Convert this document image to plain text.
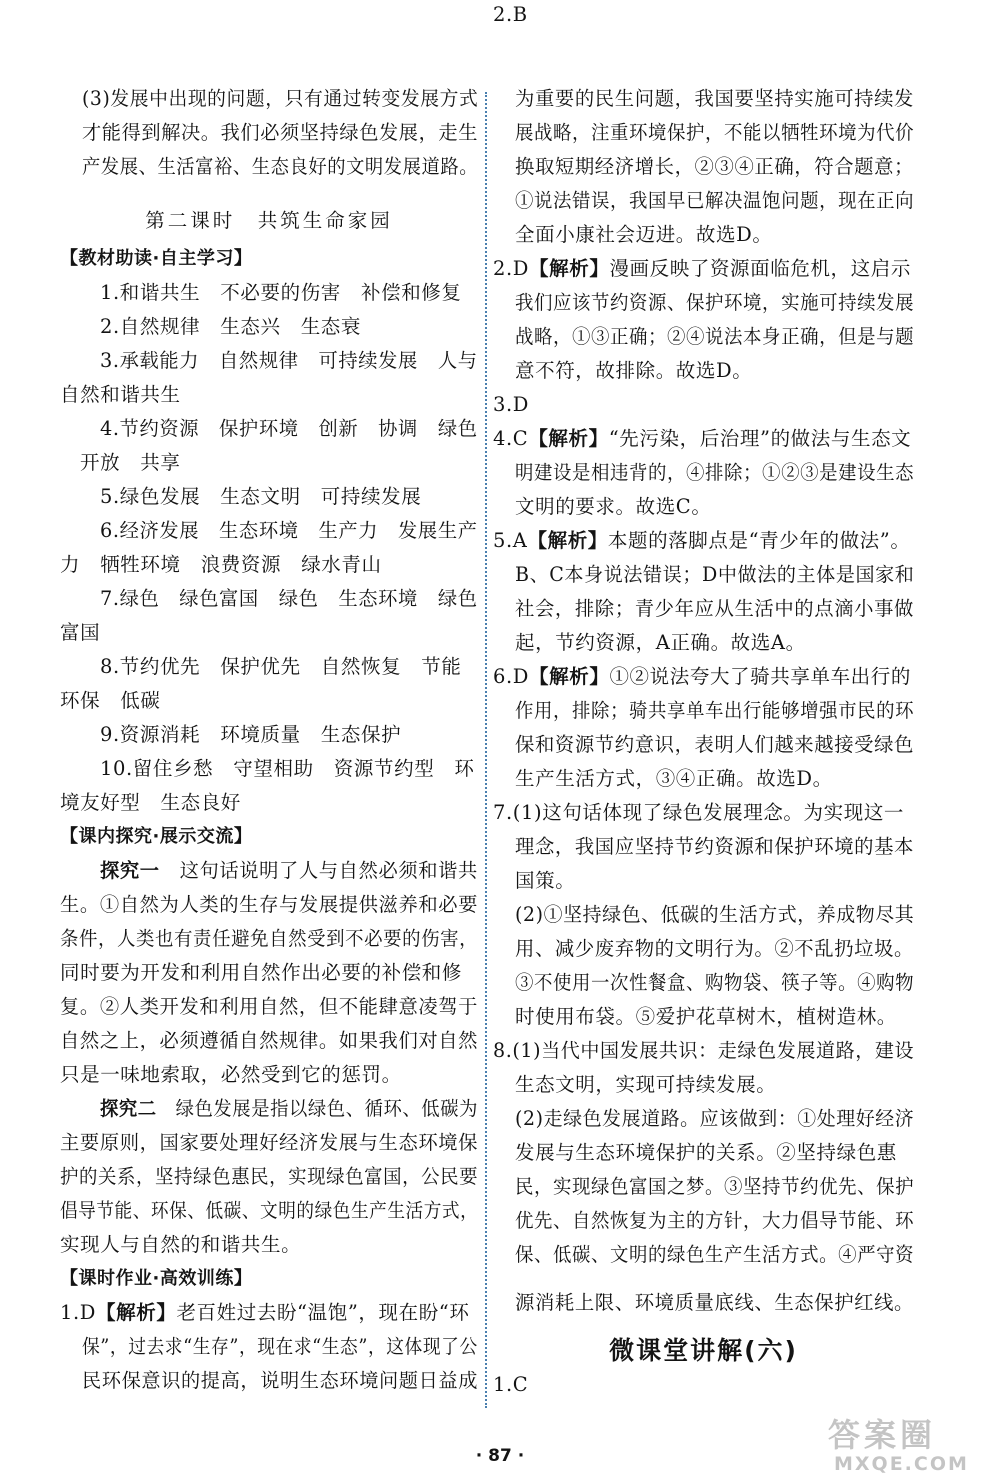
(3)发展中出现的问题，只有通过转变发展方式
才能得到解决。我们必须坚持绿色发展，走生
产发展、生活富裕、生态良好的文明发展道路。
第二课时　共筑生命家园
【教材助读·自主学习】
1.和谐共生　不必要的伤害　补偿和修复
2.自然规律　生态兴　生态衰
3.承载能力　自然规律　可持续发展　人与
自然和谐共生
4.节约资源　保护环境　创新　协调　绿色
开放　共享
5.绿色发展　生态文明　可持续发展
6.经济发展　生态环境　生产力　发展生产
力　牺牲环境　浪费资源　绿水青山
7.绿色　绿色富国　绿色　生态环境　绿色
富国
8.节约优先　保护优先　自然恢复　节能
环保　低碳
9.资源消耗　环境质量　生态保护
10.留住乡愁　守望相助　资源节约型　环
境友好型　生态良好
【课内探究·展示交流】
探究一　这句话说明了人与自然必须和谐共
生。①自然为人类的生存与发展提供滋养和必要
条件，人类也有责任避免自然受到不必要的伤害，
同时要为开发和利用自然作出必要的补偿和修
复。②人类开发和利用自然，但不能肆意凌驾于
自然之上，必须遵循自然规律。如果我们对自然
只是一味地索取，必然受到它的惩罚。
探究二　绿色发展是指以绿色、循环、低碳为
主要原则，国家要处理好经济发展与生态环境保
护的关系，坚持绿色惠民，实现绿色富国，公民要
倡导节能、环保、低碳、文明的绿色生产生活方式，
实现人与自然的和谐共生。
【课时作业·高效训练】
1.D【解析】老百姓过去盼“温饱”，现在盼“环
保”，过去求“生存”，现在求“生态”，这体现了公
民环保意识的提高，说明生态环境问题日益成
为重要的民生问题，我国要坚持实施可持续发
展战略，注重环境保护，不能以牺牲环境为代价
换取短期经济增长，②③④正确，符合题意；
①说法错误，我国早已解决温饱问题，现在正向
全面小康社会迈进。故选D。
2.D【解析】漫画反映了资源面临危机，这启示
我们应该节约资源、保护环境，实施可持续发展
战略，①③正确；②④说法本身正确，但是与题
意不符，故排除。故选D。
3.D
4.C【解析】“先污染，后治理”的做法与生态文
明建设是相违背的，④排除；①②③是建设生态
文明的要求。故选C。
5.A【解析】本题的落脚点是“青少年的做法”。
B、C本身说法错误；D中做法的主体是国家和
社会，排除；青少年应从生活中的点滴小事做
起，节约资源，A正确。故选A。
6.D【解析】①②说法夸大了骑共享单车出行的
作用，排除；骑共享单车出行能够增强市民的环
保和资源节约意识，表明人们越来越接受绿色
生产生活方式，③④正确。故选D。
7.(1)这句话体现了绿色发展理念。为实现这一
理念，我国应坚持节约资源和保护环境的基本
国策。
(2)①坚持绿色、低碳的生活方式，养成物尽其
用、减少废弃物的文明行为。②不乱扔垃圾。
③不使用一次性餐盒、购物袋、筷子等。④购物
时使用布袋。⑤爱护花草树木，植树造林。
8.(1)当代中国发展共识：走绿色发展道路，建设
生态文明，实现可持续发展。
(2)走绿色发展道路。应该做到：①处理好经济
发展与生态环境保护的关系。②坚持绿色惠
民，实现绿色富国之梦。③坚持节约优先、保护
优先、自然恢复为主的方针，大力倡导节能、环
保、低碳、文明的绿色生产生活方式。④严守资
源消耗上限、环境质量底线、生态保护红线。
微课堂讲解(六)
1.C
2.B
· 87 ·
答案圈
MXQE.COM
